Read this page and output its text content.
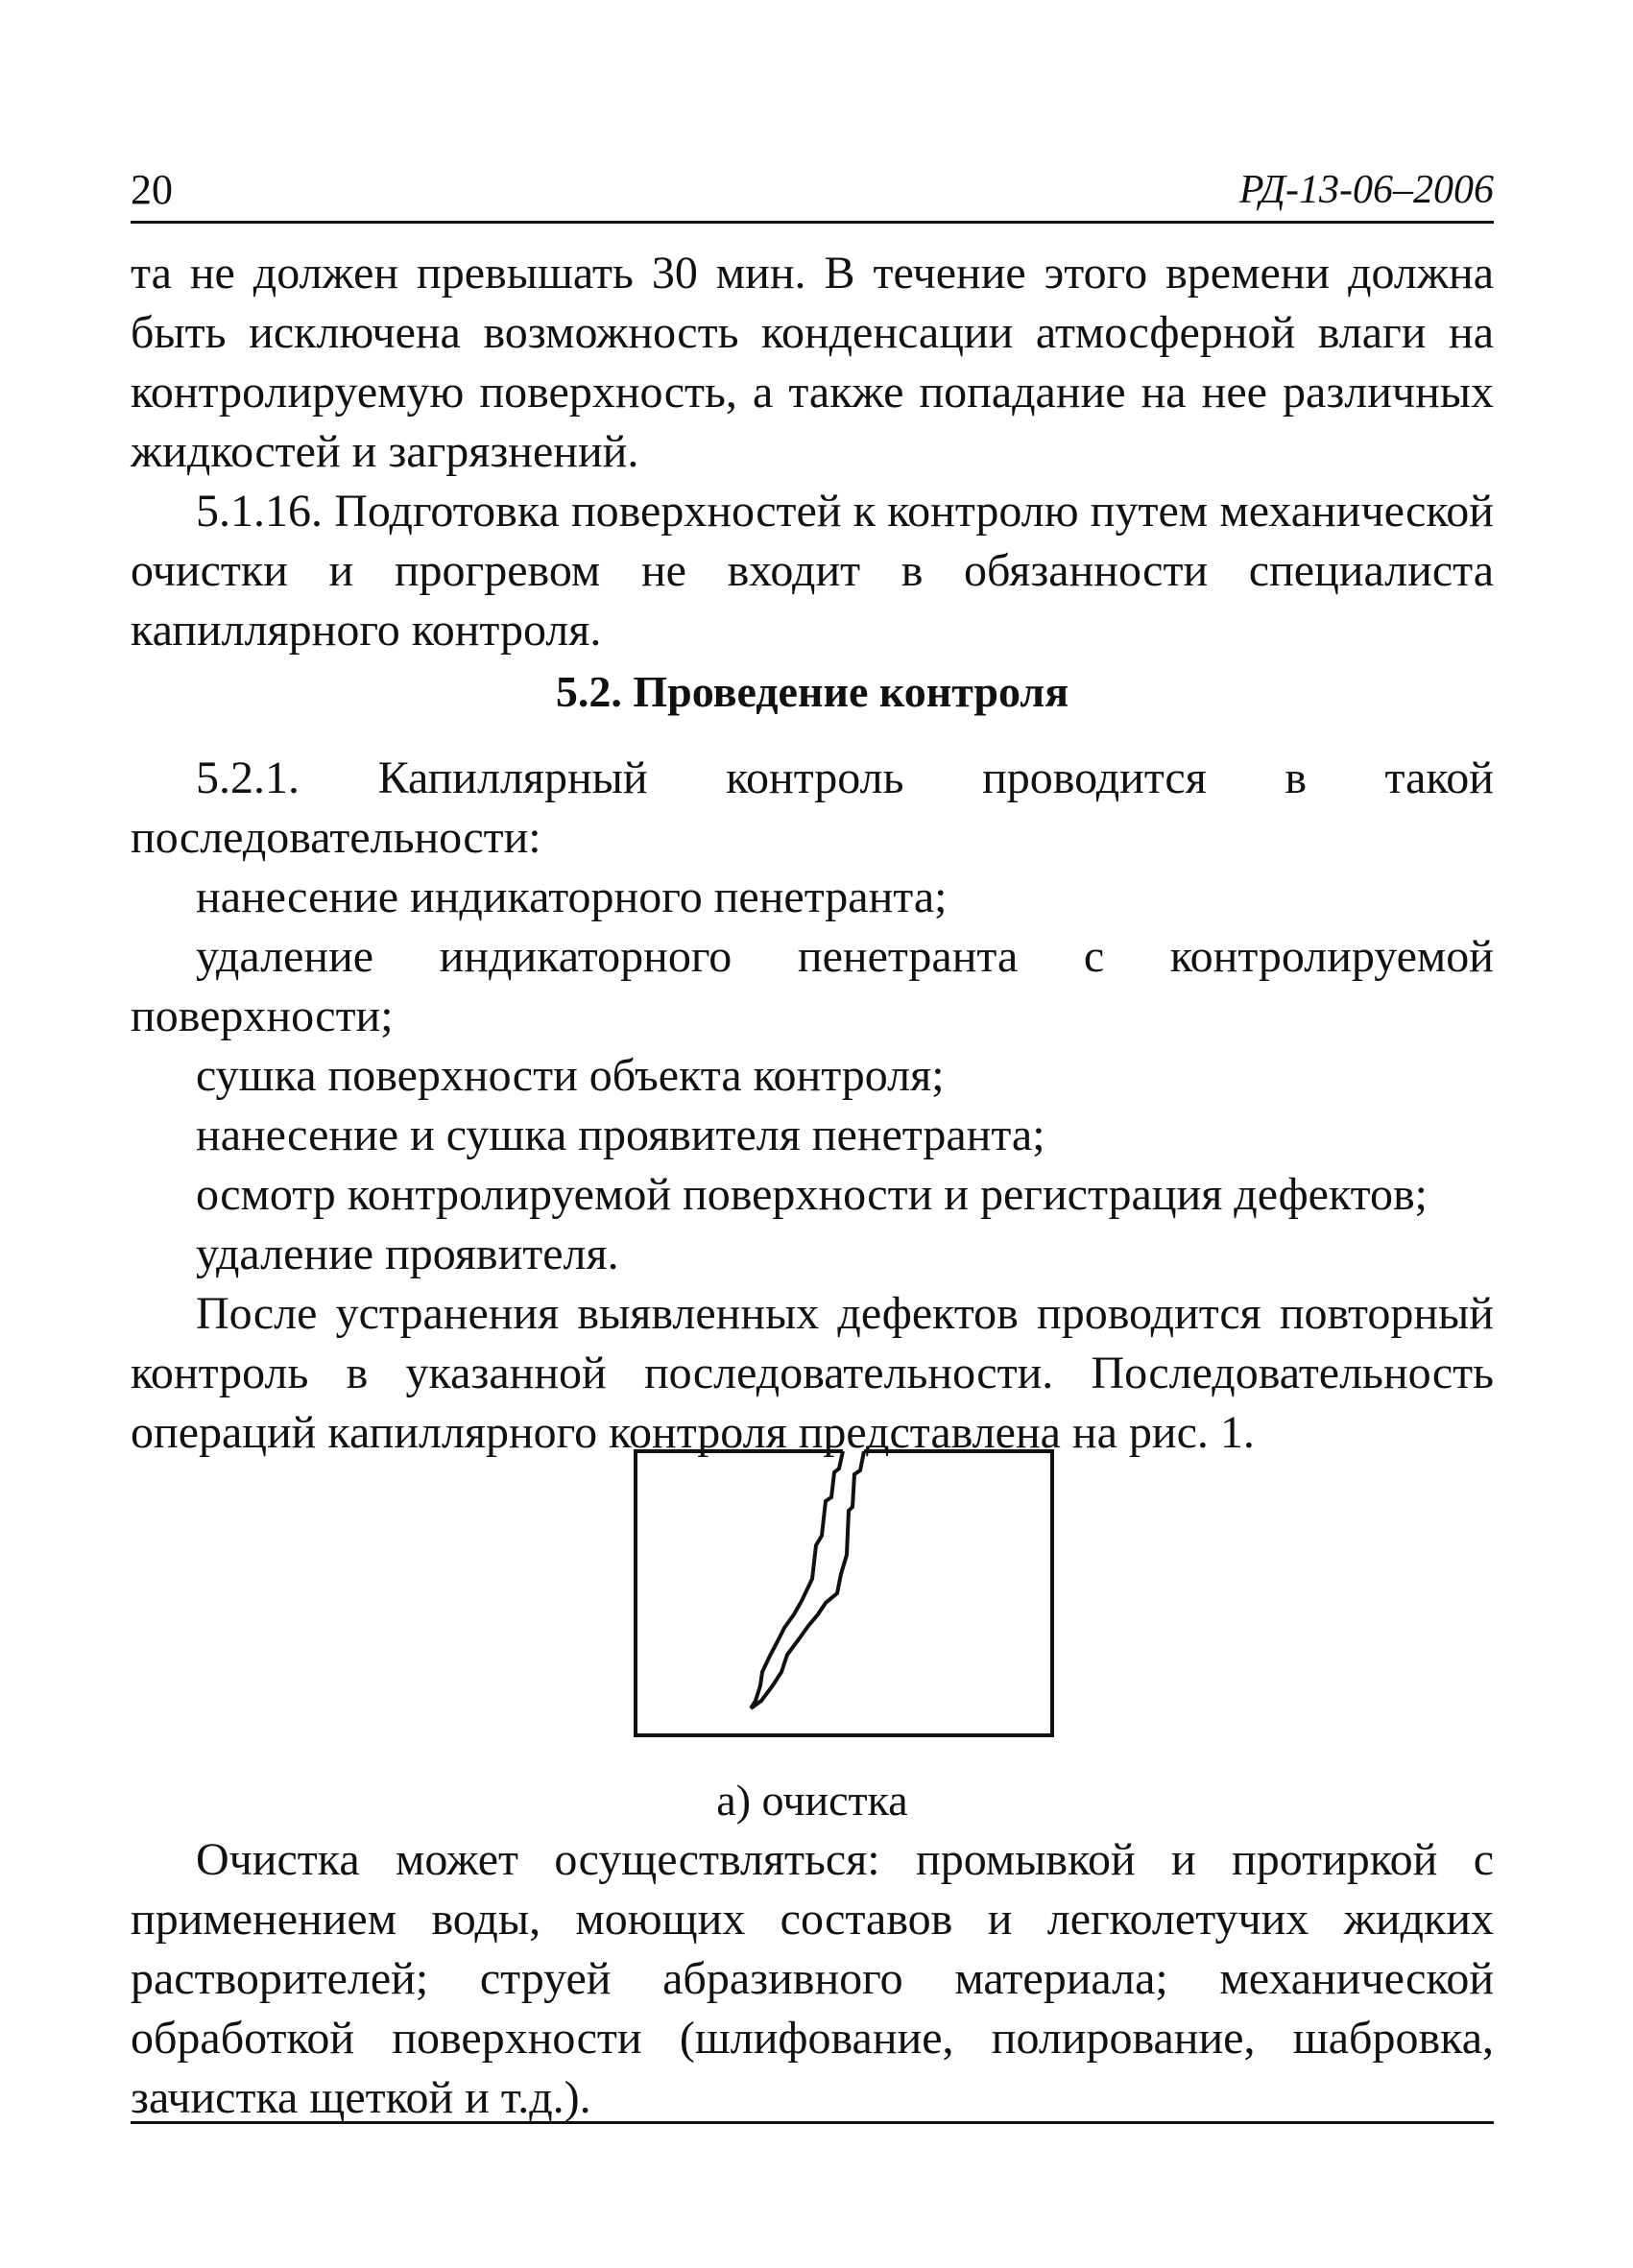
20	РД-13-06–2006

та не должен превышать 30 мин. В течение этого времени должна быть исключена возможность конденсации атмосферной влаги на контролируемую поверхность, а также попадание на нее различных жидкостей и загрязнений.

5.1.16. Подготовка поверхностей к контролю путем механической очистки и прогревом не входит в обязанности специалиста капиллярного контроля.

5.2. Проведение контроля

5.2.1. Капиллярный контроль проводится в такой последовательности:

нанесение индикаторного пенетранта;

удаление индикаторного пенетранта с контролируемой поверхности;

сушка поверхности объекта контроля;

нанесение и сушка проявителя пенетранта;

осмотр контролируемой поверхности и регистрация дефектов;

удаление проявителя.

После устранения выявленных дефектов проводится повторный контроль в указанной последовательности. Последовательность операций капиллярного контроля представлена на рис. 1.

а) очистка

Очистка может осуществляться: промывкой и протиркой с применением воды, моющих составов и легколетучих жидких растворителей; струей абразивного материала; механической обработкой поверхности (шлифование, полирование, шабровка, зачистка щеткой и т.д.).
